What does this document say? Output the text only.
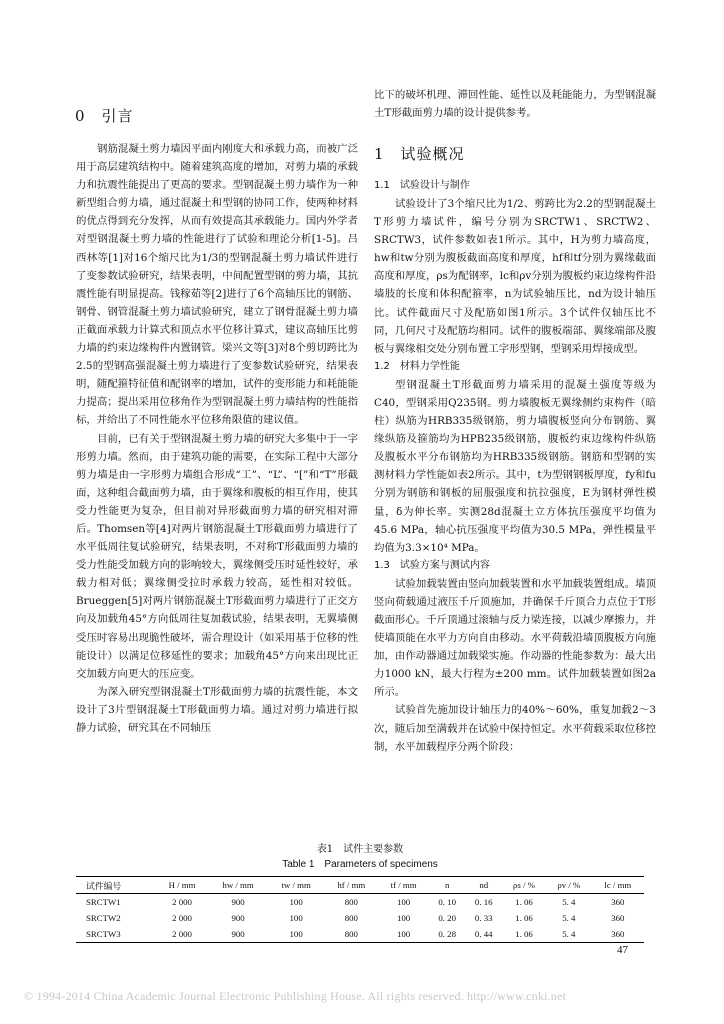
0　引言

钢筋混凝土剪力墙因平面内刚度大和承载力高，而被广泛用于高层建筑结构中。随着建筑高度的增加，对剪力墙的承载力和抗震性能提出了更高的要求。型钢混凝土剪力墙作为一种新型组合剪力墙，通过混凝土和型钢的协同工作，使两种材料的优点得到充分发挥，从而有效提高其承载能力。国内外学者对型钢混凝土剪力墙的性能进行了试验和理论分析[1-5]。吕西林等[1]对16个缩尺比为1/3的型钢混凝土剪力墙试件进行了变参数试验研究，结果表明，中间配置型钢的剪力墙，其抗震性能有明显提高。钱稼茹等[2]进行了6个高轴压比的钢筋、钢骨、钢管混凝土剪力墙试验研究，建立了钢骨混凝土剪力墙正截面承载力计算式和顶点水平位移计算式，建议高轴压比剪力墙的约束边缘构件内置钢管。梁兴文等[3]对8个剪切跨比为2.5的型钢高强混凝土剪力墙进行了变参数试验研究，结果表明，随配箍特征值和配钢率的增加，试件的变形能力和耗能能力提高；提出采用位移角作为型钢混凝土剪力墙结构的性能指标，并给出了不同性能水平位移角限值的建议值。

目前，已有关于型钢混凝土剪力墙的研究大多集中于一字形剪力墙。然而，由于建筑功能的需要，在实际工程中大部分剪力墙是由一字形剪力墙组合形成“工”、“L”、“[”和“T”形截面，这种组合截面剪力墙，由于翼缘和腹板的相互作用，使其受力性能更为复杂，但目前对异形截面剪力墙的研究相对滞后。Thomsen等[4]对两片钢筋混凝土T形截面剪力墙进行了水平低周往复试验研究，结果表明，不对称T形截面剪力墙的受力性能受加载方向的影响较大，翼缘侧受压时延性较好，承载力相对低；翼缘侧受拉时承载力较高，延性相对较低。Brueggen[5]对两片钢筋混凝土T形截面剪力墙进行了正交方向及加载角45°方向低周往复加载试验，结果表明，无翼墙侧受压时容易出现脆性破坏，需合理设计（如采用基于位移的性能设计）以满足位移延性的要求；加载角45°方向来出现比正交加载方向更大的压应变。

为深入研究型钢混凝土T形截面剪力墙的抗震性能，本文设计了3片型钢混凝土T形截面剪力墙。通过对剪力墙进行拟静力试验，研究其在不同轴压

比下的破坏机理、滞回性能、延性以及耗能能力，为型钢混凝土T形截面剪力墙的设计提供参考。

1　试验概况
1.1　试验设计与制作

试验设计了3个缩尺比为1/2、剪跨比为2.2的型钢混凝土T形剪力墙试件，编号分别为SRCTW1、SRCTW2、SRCTW3，试件参数如表1所示。其中，H为剪力墙高度，hw和tw分别为腹板截面高度和厚度，hf和tf分别为翼缘截面高度和厚度，ρs为配钢率，lc和ρv分别为腹板约束边缘构件沿墙肢的长度和体积配箍率，n为试验轴压比，nd为设计轴压比。试件截面尺寸及配筋如图1所示。3个试件仅轴压比不同，几何尺寸及配筋均相同。试件的腹板端部、翼缘端部及腹板与翼缘相交处分别布置工字形型钢，型钢采用焊接成型。

1.2　材料力学性能

型钢混凝土T形截面剪力墙采用的混凝土强度等级为C40，型钢采用Q235钢。剪力墙腹板无翼缘侧约束构件（暗柱）纵筋为HRB335级钢筋，剪力墙腹板竖向分布钢筋、翼缘纵筋及箍筋均为HPB235级钢筋，腹板约束边缘构件纵筋及腹板水平分布钢筋均为HRB335级钢筋。钢筋和型钢的实测材料力学性能如表2所示。其中，t为型钢钢板厚度，fy和fu分别为钢筋和钢板的屈服强度和抗拉强度，E为钢材弹性模量，δ为伸长率。实测28d混凝土立方体抗压强度平均值为45.6 MPa，轴心抗压强度平均值为30.5 MPa，弹性模量平均值为3.3×10⁴ MPa。

1.3　试验方案与测试内容

试验加载装置由竖向加载装置和水平加载装置组成。墙顶竖向荷载通过液压千斤顶施加，并确保千斤顶合力点位于T形截面形心。千斤顶通过滚轴与反力梁连接，以减少摩擦力，并使墙顶能在水平力方向自由移动。水平荷载沿墙顶腹板方向施加，由作动器通过加载梁实施。作动器的性能参数为：最大出力1000 kN，最大行程为±200 mm。试件加载装置如图2a所示。

试验首先施加设计轴压力的40%～60%，重复加载2～3次，随后加至满载并在试验中保持恒定。水平荷载采取位移控制，水平加载程序分两个阶段：

表1　试件主要参数

Table 1　Parameters of specimens

试件编号	H / mm	hw / mm	tw / mm	hf / mm	tf / mm	n	nd	ρs / %	ρv / %	lc / mm
SRCTW1	2 000	900	100	800	100	0. 10	0. 16	1. 06	5. 4	360
SRCTW2	2 000	900	100	800	100	0. 20	0. 33	1. 06	5. 4	360
SRCTW3	2 000	900	100	800	100	0. 28	0. 44	1. 06	5. 4	360
47
© 1994-2014 China Academic Journal Electronic Publishing House. All rights reserved. http://www.cnki.net
